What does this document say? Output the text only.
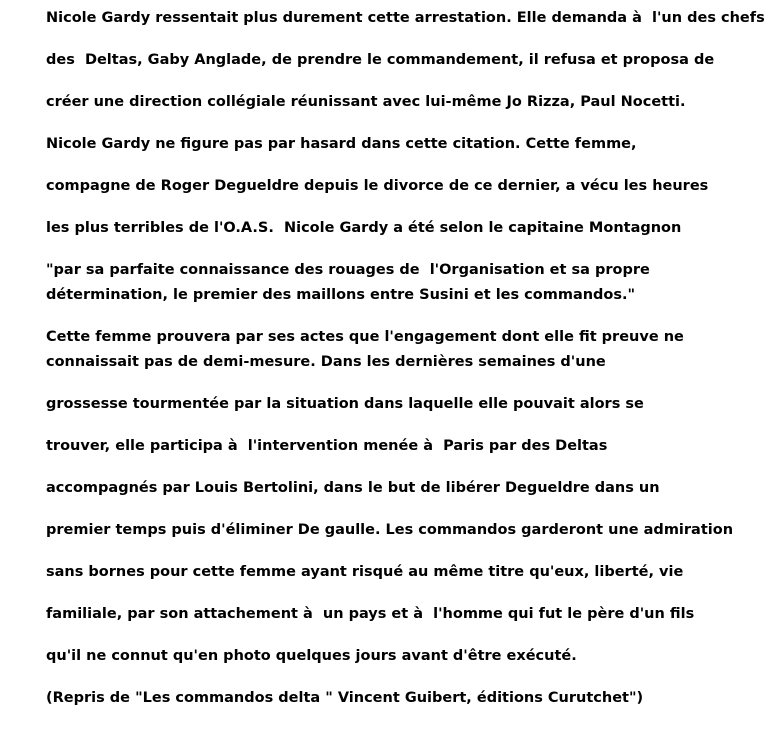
Nicole Gardy ressentait plus durement cette arrestation. Elle demanda à  l'un des chefs
des  Deltas, Gaby Anglade, de prendre le commandement, il refusa et proposa de
créer une direction collégiale réunissant avec lui-même Jo Rizza, Paul Nocetti.
Nicole Gardy ne figure pas par hasard dans cette citation. Cette femme,
compagne de Roger Degueldre depuis le divorce de ce dernier, a vécu les heures
les plus terribles de l'O.A.S.  Nicole Gardy a été selon le capitaine Montagnon
"par sa parfaite connaissance des rouages de  l'Organisation et sa propre
détermination, le premier des maillons entre Susini et les commandos."
Cette femme prouvera par ses actes que l'engagement dont elle fit preuve ne
connaissait pas de demi-mesure. Dans les dernières semaines d'une
grossesse tourmentée par la situation dans laquelle elle pouvait alors se
trouver, elle participa à  l'intervention menée à  Paris par des Deltas
accompagnés par Louis Bertolini, dans le but de libérer Degueldre dans un
premier temps puis d'éliminer De gaulle. Les commandos garderont une admiration
sans bornes pour cette femme ayant risqué au même titre qu'eux, liberté, vie
familiale, par son attachement à  un pays et à  l'homme qui fut le père d'un fils
qu'il ne connut qu'en photo quelques jours avant d'être exécuté.
(Repris de "Les commandos delta " Vincent Guibert, éditions Curutchet")
